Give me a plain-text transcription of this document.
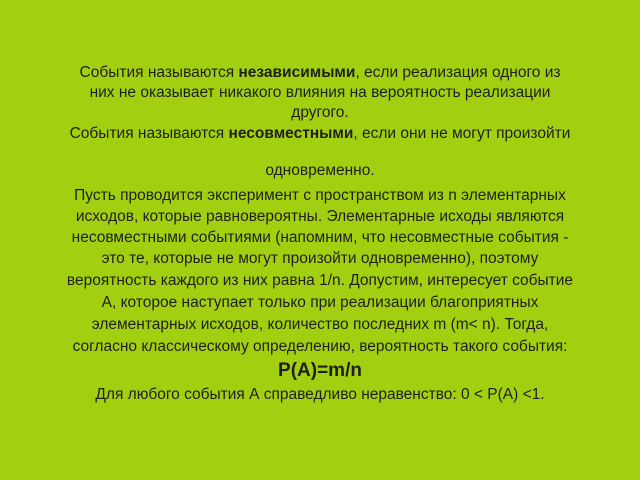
События называются независимыми, если реализация одного из
них не оказывает никакого влияния на вероятность реализации
другого.
События называются несовместными, если они не могут произойти
одновременно.
Пусть проводится эксперимент с пространством из n элементарных
исходов, которые равновероятны. Элементарные исходы являются
несовместными событиями (напомним, что несовместные события -
это те, которые не могут произойти одновременно), поэтому
вероятность каждого из них равна 1/n. Допустим, интересует событие
А, которое наступает только при реализации благоприятных
элементарных исходов, количество последних m (m< n). Тогда,
согласно классическому определению, вероятность такого события:
P(A)=m/n
Для любого события А справедливо неравенство: 0 < P(A) <1.
